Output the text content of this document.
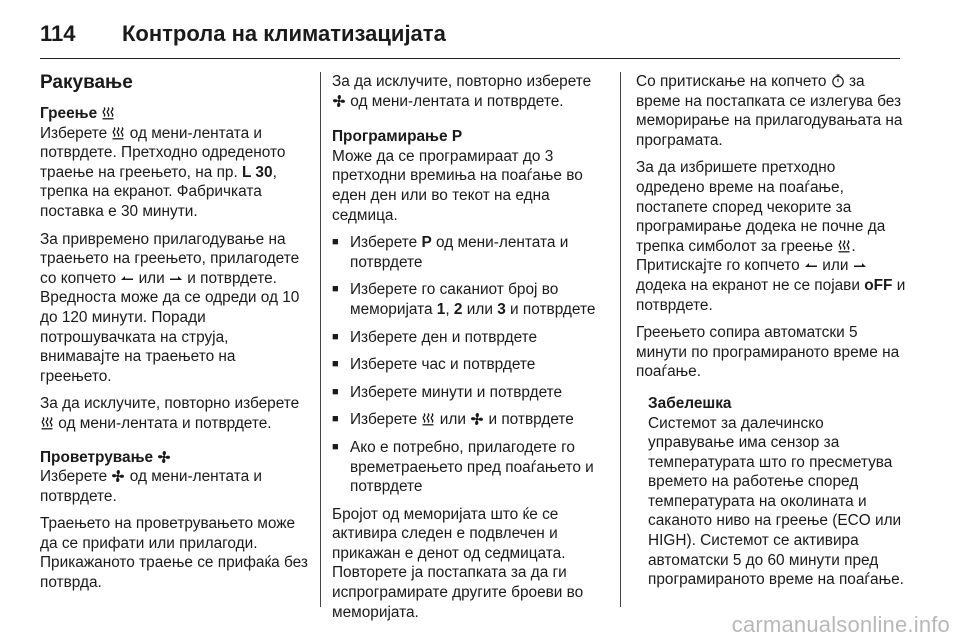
114	Контрола на климатизацијата
Ракување
Греење

Изберете
од мени-лентата и потврдете. Претходно одреденото траење на греењето, на пр. L 30, трепка на екранот. Фабричката поставка е 30 минути.

За привремено прилагодување на траењето на греењето, прилагодете со копчето
или
и потврдете. Вредноста може да се одреди од 10 до 120 минути. Поради потрошувачката на струја, внимавајте на траењето на греењето.

За да исклучите, повторно изберете
од мени-лентата и потврдете.

Проветрување

Изберете
од мени-лентата и потврдете.

Траењето на проветрувањето може да се прифати или прилагоди. Прикажаното траење се прифаќа без потврда.

За да исклучите, повторно изберете
од мени-лентата и потврдете.

Програмирање P

Може да се програмираат до 3 претходни времиња на поаѓање во еден ден или во текот на една седмица.

■ Изберете P од мени-лентата и потврдете
■ Изберете го саканиот број во меморијата 1, 2 или 3 и потврдете
■ Изберете ден и потврдете
■ Изберете час и потврдете
■ Изберете минути и потврдете
■ Изберете
или
и потврдете
■ Ако е потребно, прилагодете го времетраењето пред поаѓањето и потврдете

Бројот од меморијата што ќе се активира следен е подвлечен и прикажан е денот од седмицата. Повторете ја постапката за да ги испрограмирате другите броеви во меморијата.

Со притискање на копчето
за време на постапката се излегува без меморирање на прилагодувањата на програмата.

За да избришете претходно одредено време на поаѓање, постапете според чекорите за програмирање додека не почне да трепка симболот за греење
. Притискајте го копчето
или
додека на екранот не се појави oFF и потврдете.

Греењето сопира автоматски 5 минути по програмираното време на поаѓање.

Забелешка

Системот за далечинско управување има сензор за температурата што го пресметува времето на работење според температурата на околината и саканото ниво на греење (ECO или HIGH). Системот се активира автоматски 5 до 60 минути пред програмираното време на поаѓање.

carmanualsonline.info
